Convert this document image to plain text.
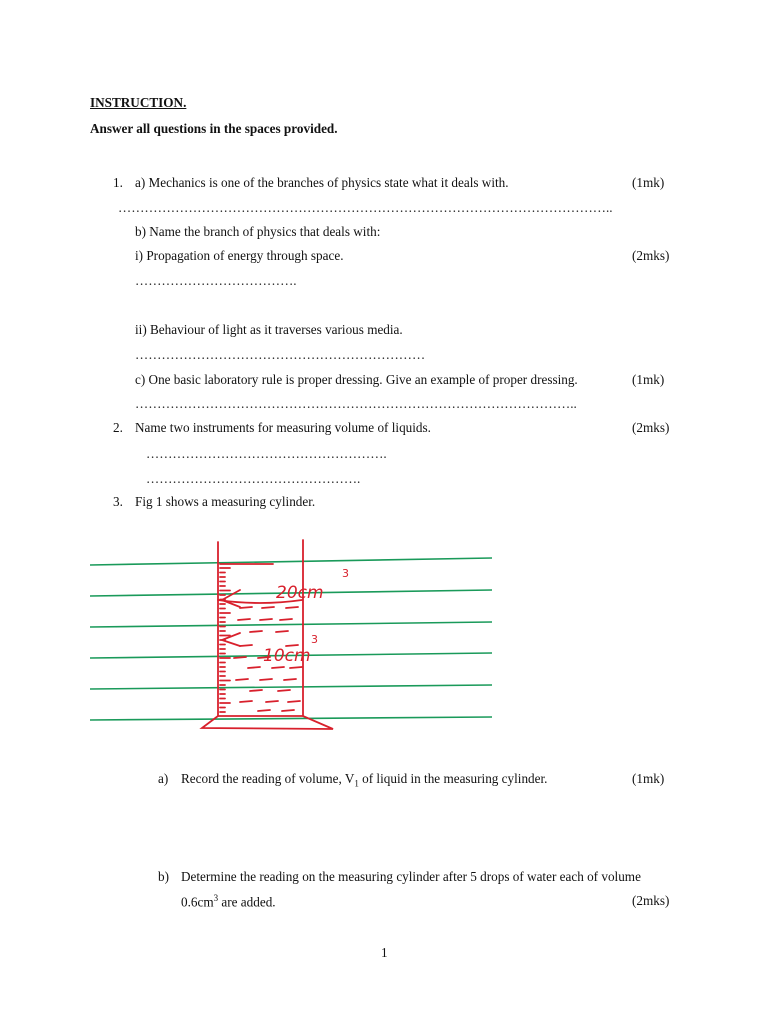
INSTRUCTION.
Answer all questions in the spaces provided.
1. a) Mechanics is one of the branches of physics state what it deals with.	(1mk)
…………………………………………………………………………………………………..
b) Name the branch of physics that deals with:
i) Propagation of energy through space.	(2mks)
……………………………….
ii) Behaviour of light as it traverses various media.
…………………………………………………………
c) One basic laboratory rule is proper dressing. Give an example of proper dressing.	(1mk)
………………………………………………………………………………………..
2. Name two instruments for measuring volume of liquids.	(2mks)
……………………………………………….
………………………………………….
3. Fig 1 shows a measuring cylinder.
20cm
3
10cm
3
a) Record the reading of volume, $V_1$ of liquid in the measuring cylinder.	(1mk)
b) Determine the reading on the measuring cylinder after 5 drops of water each of volume
$0.6cm^3$ are added.	(2mks)
1
